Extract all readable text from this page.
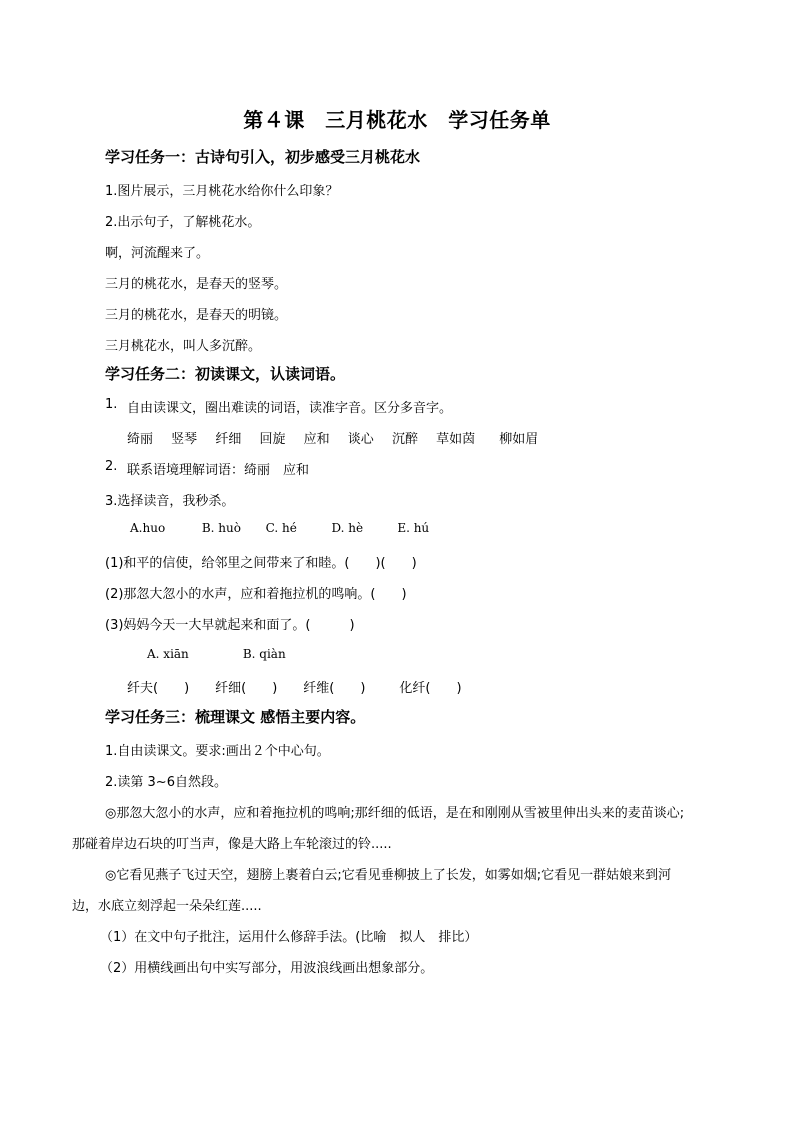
第４课　三月桃花水　学习任务单
学习任务一：古诗句引入，初步感受三月桃花水
1.图片展示，三月桃花水给你什么印象？
2.出示句子，了解桃花水。
啊，河流醒来了。
三月的桃花水，是春天的竖琴。
三月的桃花水，是春天的明镜。
三月桃花水，叫人多沉醉。
学习任务二：初读课文，认读词语。
1. 自由读课文，圈出难读的词语，读准字音。区分多音字。
绮丽 竖琴 纤细 回旋 应和 谈心 沉醉 草如茵 柳如眉
2. 联系语境理解词语：绮丽　应和
3.选择读音，我秒杀。
A.huo	B. huò C. hé	D. hè	E. hú
(1)和平的信使，给邻里之间带来了和睦。(　　)(　　)
(2)那忽大忽小的水声，应和着拖拉机的鸣响。(　　)
(3)妈妈今天一大早就起来和面了。(　　　)
A. xiān	B. qiàn
纤夫(　　) 纤细(　　) 纤维(　　)	化纤(　　)
学习任务三：梳理课文 感悟主要内容。
1.自由读课文。要求:画出２个中心句。
2.读第 3~6自然段。
◎那忽大忽小的水声，应和着拖拉机的鸣响;那纤细的低语，是在和刚刚从雪被里伸出头来的麦苗谈心;
那碰着岸边石块的叮当声，像是大路上车轮滚过的铃.....
◎它看见燕子飞过天空，翅膀上裹着白云;它看见垂柳披上了长发，如雾如烟;它看见一群姑娘来到河
边，水底立刻浮起一朵朵红莲.....
（1）在文中句子批注，运用什么修辞手法。(比喻　拟人　排比）
（2）用横线画出句中实写部分，用波浪线画出想象部分。
